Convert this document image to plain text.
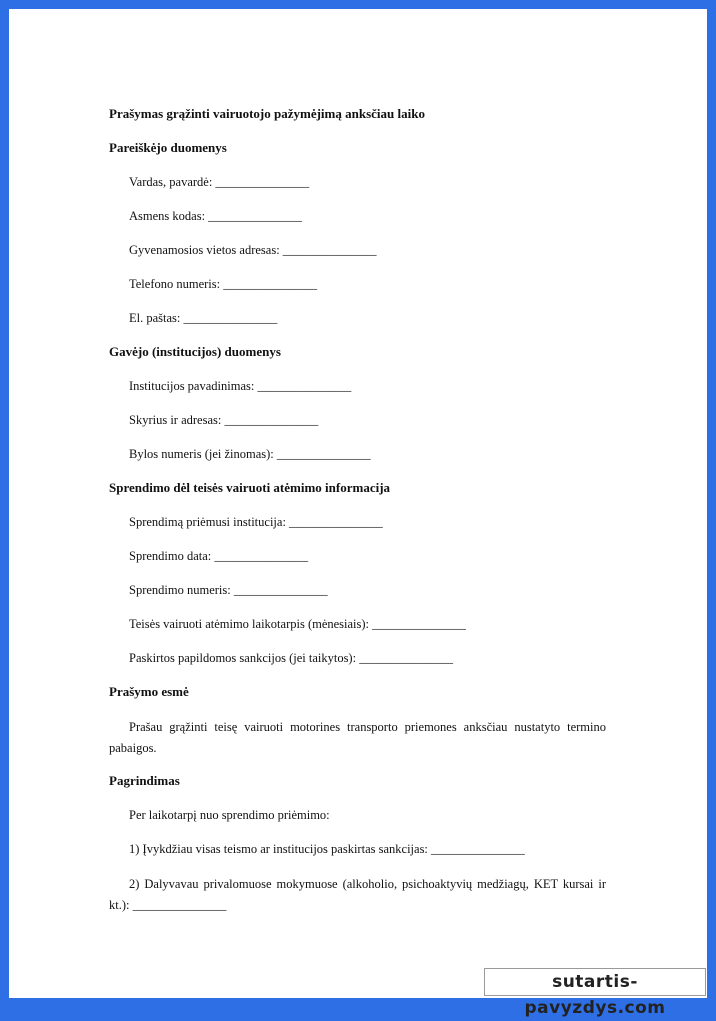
Prašymas grąžinti vairuotojo pažymėjimą anksčiau laiko
Pareiškėjo duomenys
Vardas, pavardė: _______________
Asmens kodas: _______________
Gyvenamosios vietos adresas: _______________
Telefono numeris: _______________
El. paštas: _______________
Gavėjo (institucijos) duomenys
Institucijos pavadinimas: _______________
Skyrius ir adresas: _______________
Bylos numeris (jei žinomas): _______________
Sprendimo dėl teisės vairuoti atėmimo informacija
Sprendimą priėmusi institucija: _______________
Sprendimo data: _______________
Sprendimo numeris: _______________
Teisės vairuoti atėmimo laikotarpis (mėnesiais): _______________
Paskirtos papildomos sankcijos (jei taikytos): _______________
Prašymo esmė
Prašau grąžinti teisę vairuoti motorines transporto priemones anksčiau nustatyto termino pabaigos.
Pagrindimas
Per laikotarpį nuo sprendimo priėmimo:
1) Įvykdžiau visas teismo ar institucijos paskirtas sankcijas: _______________
2) Dalyvavau privalomuose mokymuose (alkoholio, psichoaktyvių medžiagų, KET kursai ir kt.): _______________
sutartis-pavyzdys.com
